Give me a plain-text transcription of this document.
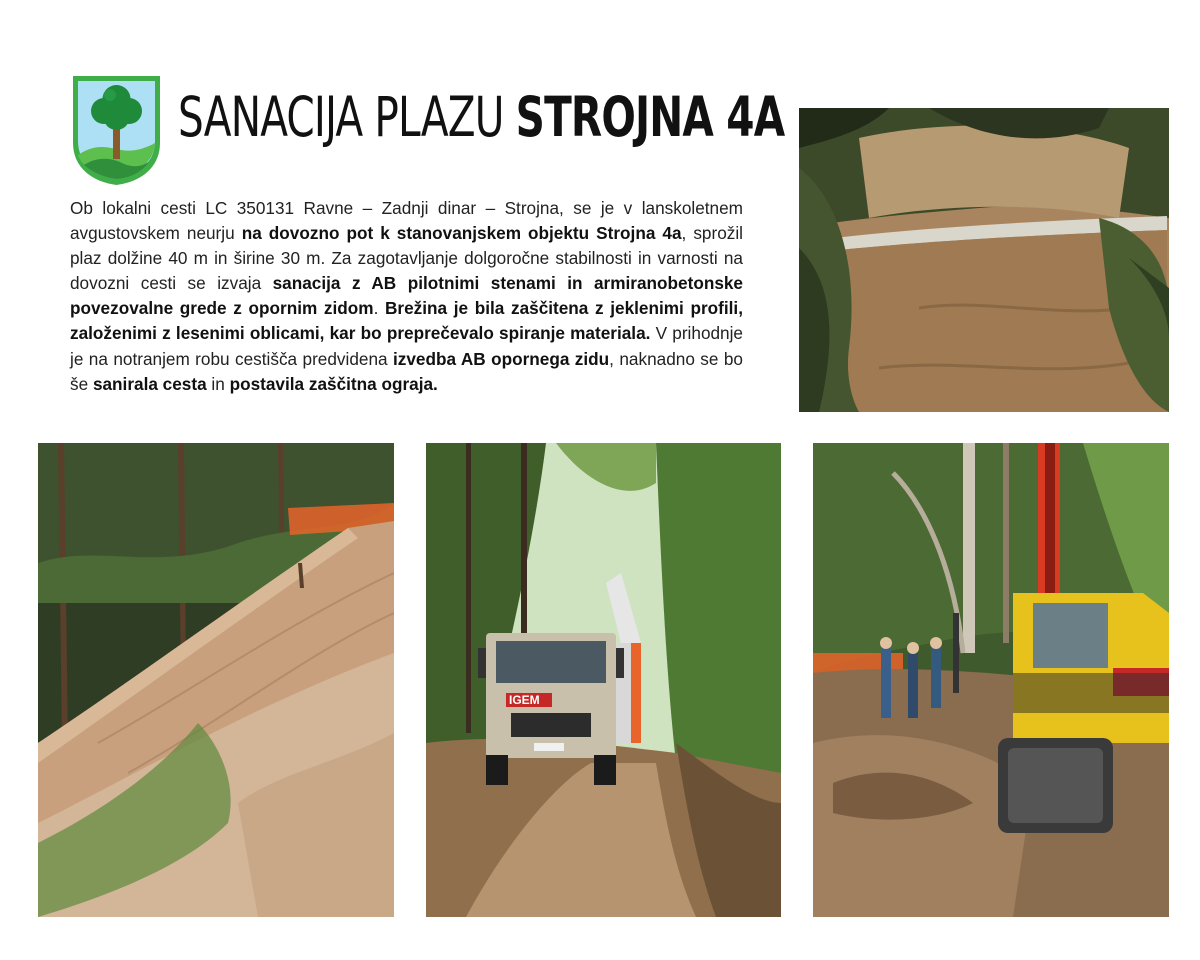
SANACIJA PLAZU STROJNA 4A

Ob lokalni cesti LC 350131 Ravne – Zadnji dinar – Strojna, se je v lanskoletnem avgustovskem neurju na dovozno pot k stanovanjskem objektu Strojna 4a, sprožil plaz dolžine 40 m in širine 30 m. Za zagotavljanje dolgoročne stabilnosti in varnosti na dovozni cesti se izvaja sanacija z AB pilotnimi stenami in armiranobetonske povezovalne grede z opornim zidom. Brežina je bila zaščitena z jeklenimi profili, založenimi z lesenimi oblicami, kar bo preprečevalo spiranje materiala. V prihodnje je na notranjem robu cestišča predvidena izvedba AB opornega zidu, naknadno se bo še sanirala cesta in postavila zaščitna ograja.

IGEM
